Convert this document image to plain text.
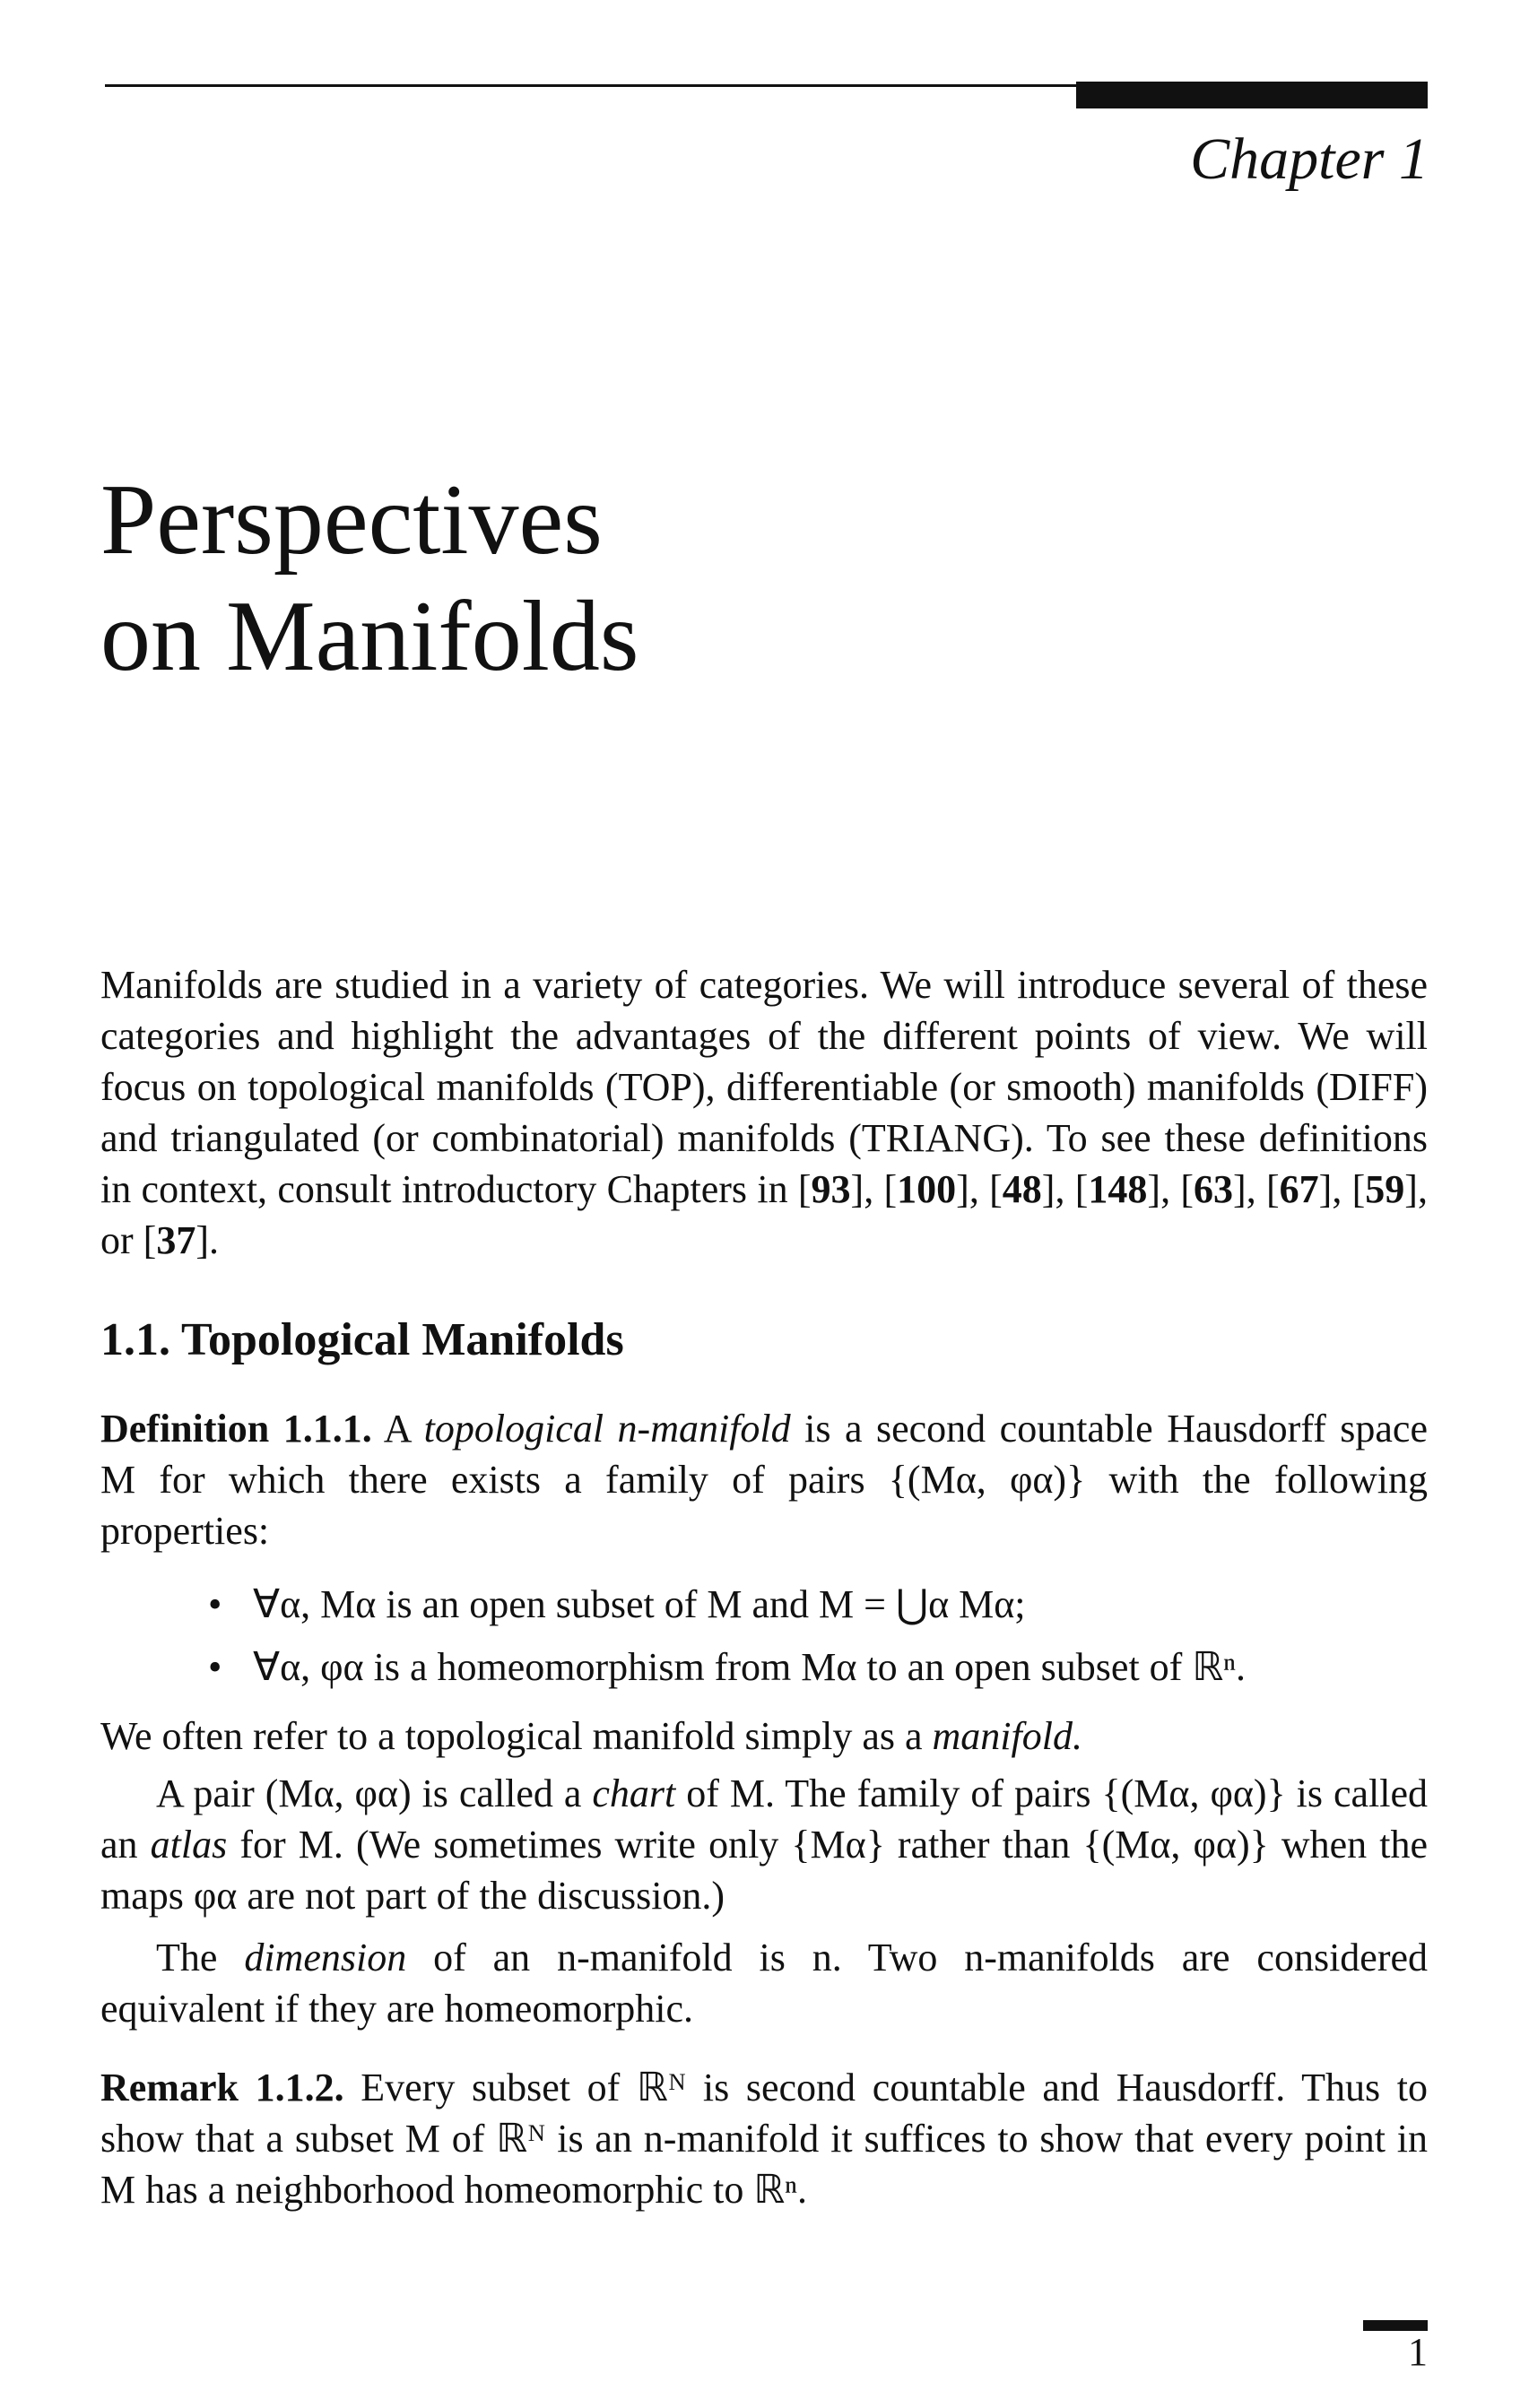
Chapter 1
Perspectives
on Manifolds
Manifolds are studied in a variety of categories. We will introduce several of these categories and highlight the advantages of the different points of view. We will focus on topological manifolds (TOP), differentiable (or smooth) manifolds (DIFF) and triangulated (or combinatorial) manifolds (TRIANG). To see these definitions in context, consult introductory Chapters in [93], [100], [48], [148], [63], [67], [59], or [37].
1.1. Topological Manifolds
Definition 1.1.1. A topological n-manifold is a second countable Hausdorff space M for which there exists a family of pairs {(Mα, φα)} with the following properties:
• ∀α, Mα is an open subset of M and M = ⋃α Mα;
• ∀α, φα is a homeomorphism from Mα to an open subset of ℝⁿ.
We often refer to a topological manifold simply as a manifold.
A pair (Mα, φα) is called a chart of M. The family of pairs {(Mα, φα)} is called an atlas for M. (We sometimes write only {Mα} rather than {(Mα, φα)} when the maps φα are not part of the discussion.)
The dimension of an n-manifold is n. Two n-manifolds are considered equivalent if they are homeomorphic.
Remark 1.1.2. Every subset of ℝᴺ is second countable and Hausdorff. Thus to show that a subset M of ℝᴺ is an n-manifold it suffices to show that every point in M has a neighborhood homeomorphic to ℝⁿ.
1
